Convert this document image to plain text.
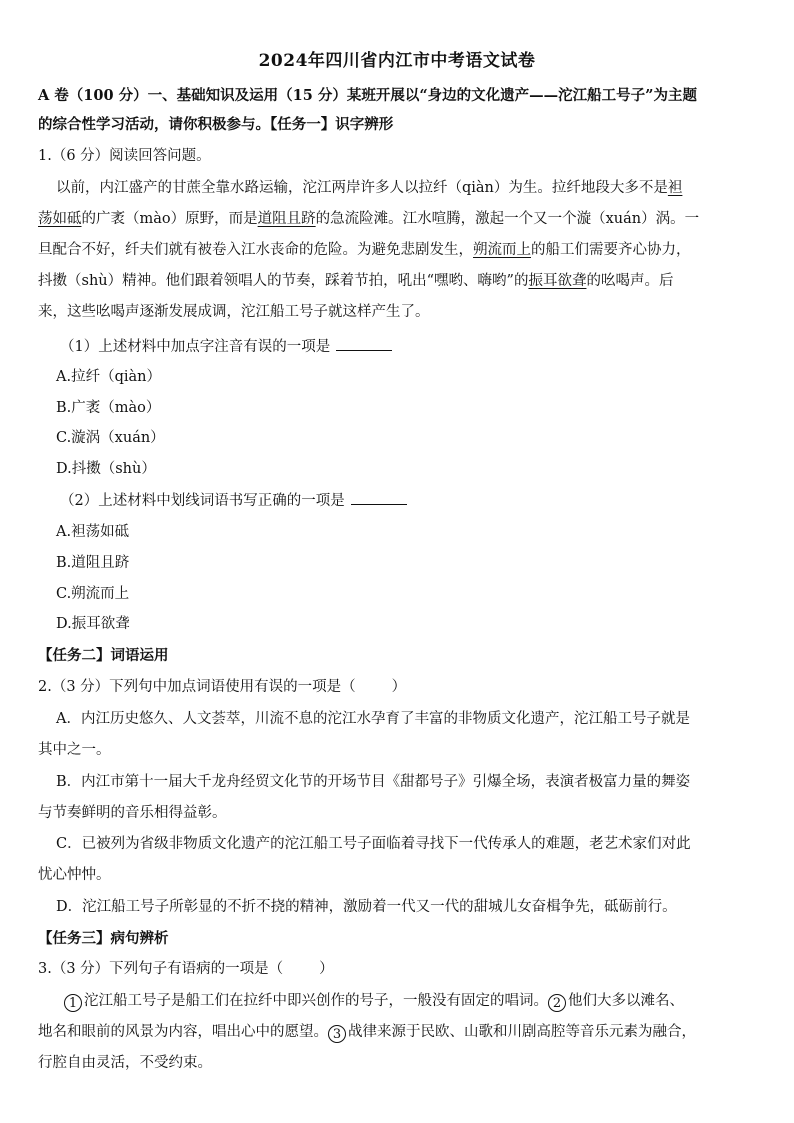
2024年四川省内江市中考语文试卷
A 卷（100 分）一、基础知识及运用（15 分）某班开展以“身边的文化遗产——沱江船工号子”为主题
的综合性学习活动，请你积极参与。【任务一】识字辨形
1.（6 分）阅读回答问题。
以前，内江盛产的甘蔗全靠水路运输，沱江两岸许多人以拉纤（qiàn）为生。拉纤地段大多不是袒
荡如砥的广袤（mào）原野，而是道阻且跻的急流险滩。江水喧腾，激起一个又一个漩（xuán）涡。一
旦配合不好，纤夫们就有被卷入江水丧命的危险。为避免悲剧发生，朔流而上的船工们需要齐心协力，
抖擞（shù）精神。他们跟着领唱人的节奏，踩着节拍，吼出“嘿哟、嗨哟”的振耳欲聋的吆喝声。后
来，这些吆喝声逐渐发展成调，沱江船工号子就这样产生了。
（1）上述材料中加点字注音有误的一项是
A.拉纤（qiàn）
B.广袤（mào）
C.漩涡（xuán）
D.抖擞（shù）
（2）上述材料中划线词语书写正确的一项是
A.袒荡如砥
B.道阻且跻
C.朔流而上
D.振耳欲聋
【任务二】词语运用
2.（3 分）下列句中加点词语使用有误的一项是（ ）
A．内江历史悠久、人文荟萃，川流不息的沱江水孕育了丰富的非物质文化遗产，沱江船工号子就是
其中之一。
B．内江市第十一届大千龙舟经贸文化节的开场节目《甜都号子》引爆全场，表演者极富力量的舞姿
与节奏鲜明的音乐相得益彰。
C．已被列为省级非物质文化遗产的沱江船工号子面临着寻找下一代传承人的难题，老艺术家们对此
忧心忡忡。
D．沱江船工号子所彰显的不折不挠的精神，激励着一代又一代的甜城儿女奋楫争先，砥砺前行。
【任务三】病句辨析
3.（3 分）下列句子有语病的一项是（ ）
1 沱江船工号子是船工们在拉纤中即兴创作的号子，一般没有固定的唱词。 2 他们大多以滩名、
地名和眼前的风景为内容，唱出心中的愿望。 3 战律来源于民欧、山歌和川剧高腔等音乐元素为融合，
行腔自由灵活，不受约束。
